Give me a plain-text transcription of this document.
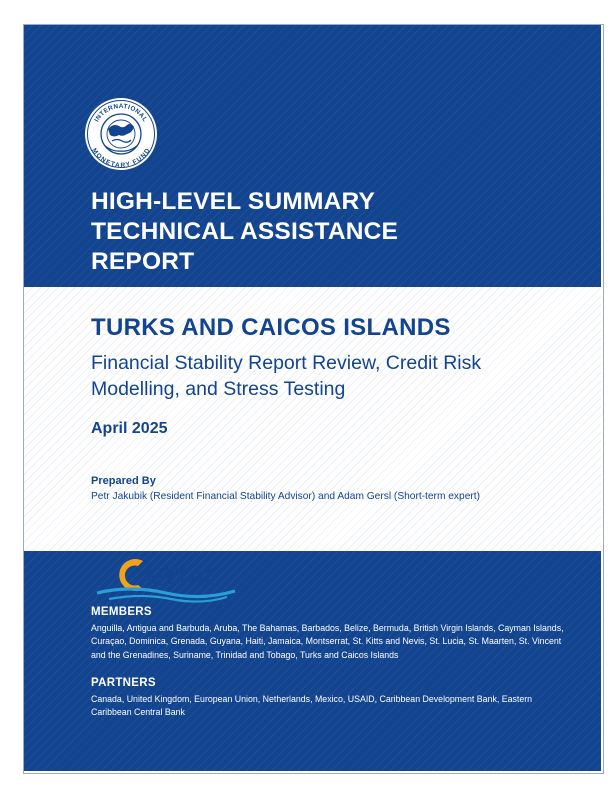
INTERNATIONAL
MONETARY FUND
HIGH-LEVEL SUMMARY
TECHNICAL ASSISTANCE
REPORT
TURKS AND CAICOS ISLANDS
Financial Stability Report Review, Credit Risk
Modelling, and Stress Testing
April 2025
Prepared By
Petr Jakubik (Resident Financial Stability Advisor) and Adam Gersl (Short-term expert)
ARTAC
MEMBERS
Anguilla, Antigua and Barbuda, Aruba, The Bahamas, Barbados, Belize, Bermuda, British Virgin Islands, Cayman Islands,
Curaçao, Dominica, Grenada, Guyana, Haiti, Jamaica, Montserrat, St. Kitts and Nevis, St. Lucia, St. Maarten, St. Vincent
and the Grenadines, Suriname, Trinidad and Tobago, Turks and Caicos Islands
PARTNERS
Canada, United Kingdom, European Union, Netherlands, Mexico, USAID, Caribbean Development Bank, Eastern
Caribbean Central Bank
